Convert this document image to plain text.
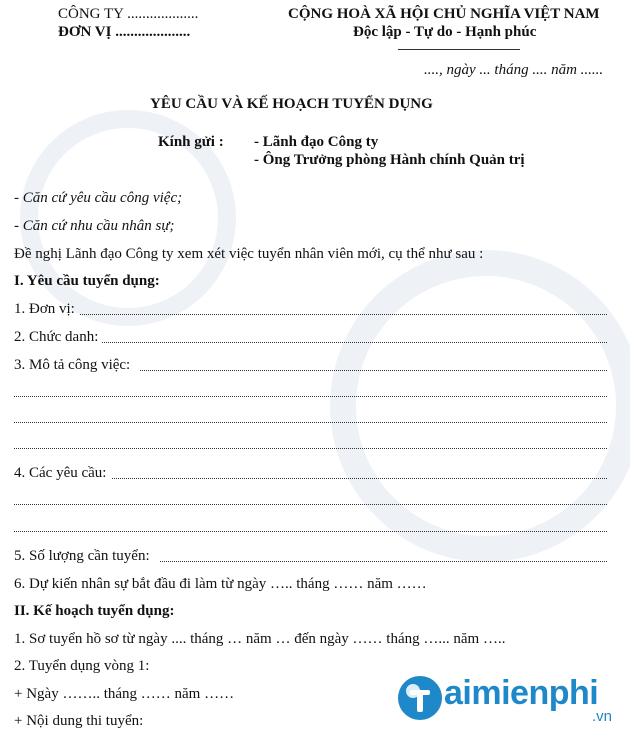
CÔNG TY ...................
ĐƠN VỊ ....................
CỘNG HOÀ XÃ HỘI CHỦ NGHĨA VIỆT NAM
Độc lập - Tự do - Hạnh phúc
...., ngày ... tháng .... năm ......
YÊU CẦU VÀ KẾ HOẠCH TUYỂN DỤNG
Kính gửi : - Lãnh đạo Công ty
- Ông Trưởng phòng Hành chính Quản trị
- Căn cứ yêu cầu công việc;
- Căn cứ nhu cầu nhân sự;
Đề nghị Lãnh đạo Công ty xem xét việc tuyển nhân viên mới, cụ thể như sau :
I. Yêu cầu tuyển dụng:
1. Đơn vị:
2. Chức danh:
3. Mô tả công việc:
4. Các yêu cầu:
5. Số lượng cần tuyển:
6. Dự kiến nhân sự bắt đầu đi làm từ ngày ….. tháng …… năm ……
II. Kế hoạch tuyển dụng:
1. Sơ tuyển hồ sơ từ ngày .... tháng … năm … đến ngày …… tháng …... năm …..
2. Tuyển dụng vòng 1:
+ Ngày …….. tháng …… năm ……
+ Nội dung thi tuyển:
aimienphi
.vn
